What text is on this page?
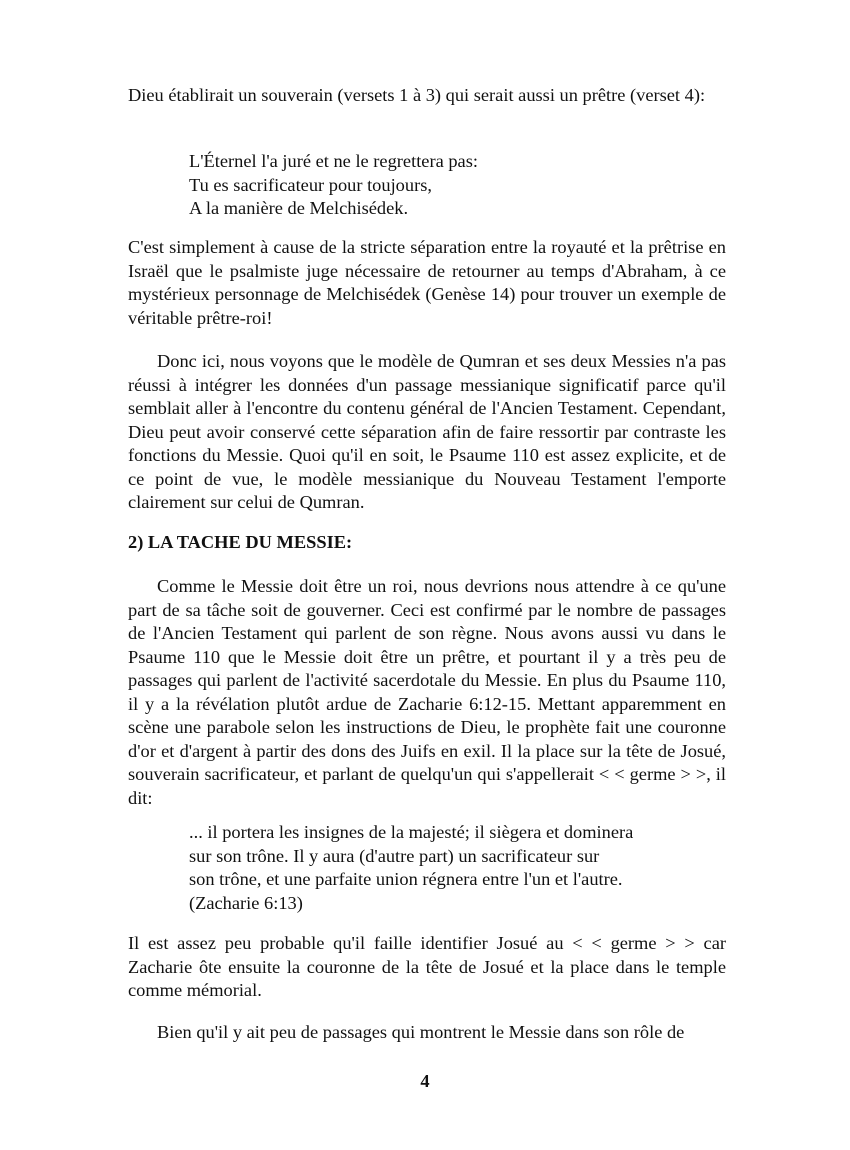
Dieu établirait un souverain (versets 1 à 3) qui serait aussi un prêtre (verset 4):

L'Éternel l'a juré et ne le regrettera pas:
Tu es sacrificateur pour toujours,
A la manière de Melchisédek.

C'est simplement à cause de la stricte séparation entre la royauté et la prêtrise en Israël que le psalmiste juge nécessaire de retourner au temps d'Abraham, à ce mystérieux personnage de Melchisédek (Genèse 14) pour trouver un exemple de véritable prêtre-roi!

Donc ici, nous voyons que le modèle de Qumran et ses deux Messies n'a pas réussi à intégrer les données d'un passage messianique significatif parce qu'il semblait aller à l'encontre du contenu général de l'Ancien Testament. Cependant, Dieu peut avoir conservé cette séparation afin de faire ressortir par contraste les fonctions du Messie. Quoi qu'il en soit, le Psaume 110 est assez explicite, et de ce point de vue, le modèle messianique du Nouveau Testament l'emporte clairement sur celui de Qumran.

2) LA TACHE DU MESSIE:

Comme le Messie doit être un roi, nous devrions nous attendre à ce qu'une part de sa tâche soit de gouverner. Ceci est confirmé par le nombre de passages de l'Ancien Testament qui parlent de son règne. Nous avons aussi vu dans le Psaume 110 que le Messie doit être un prêtre, et pourtant il y a très peu de passages qui parlent de l'activité sacerdotale du Messie. En plus du Psaume 110, il y a la révélation plutôt ardue de Zacharie 6:12-15. Mettant apparemment en scène une parabole selon les instructions de Dieu, le prophète fait une couronne d'or et d'argent à partir des dons des Juifs en exil. Il la place sur la tête de Josué, souverain sacrificateur, et parlant de quelqu'un qui s'appellerait < < germe > >, il dit:

... il portera les insignes de la majesté; il siègera et dominera
sur son trône. Il y aura (d'autre part) un sacrificateur sur
son trône, et une parfaite union régnera entre l'un et l'autre.
(Zacharie 6:13)

Il est assez peu probable qu'il faille identifier Josué au < < germe > > car Zacharie ôte ensuite la couronne de la tête de Josué et la place dans le temple comme mémorial.

Bien qu'il y ait peu de passages qui montrent le Messie dans son rôle de

4
